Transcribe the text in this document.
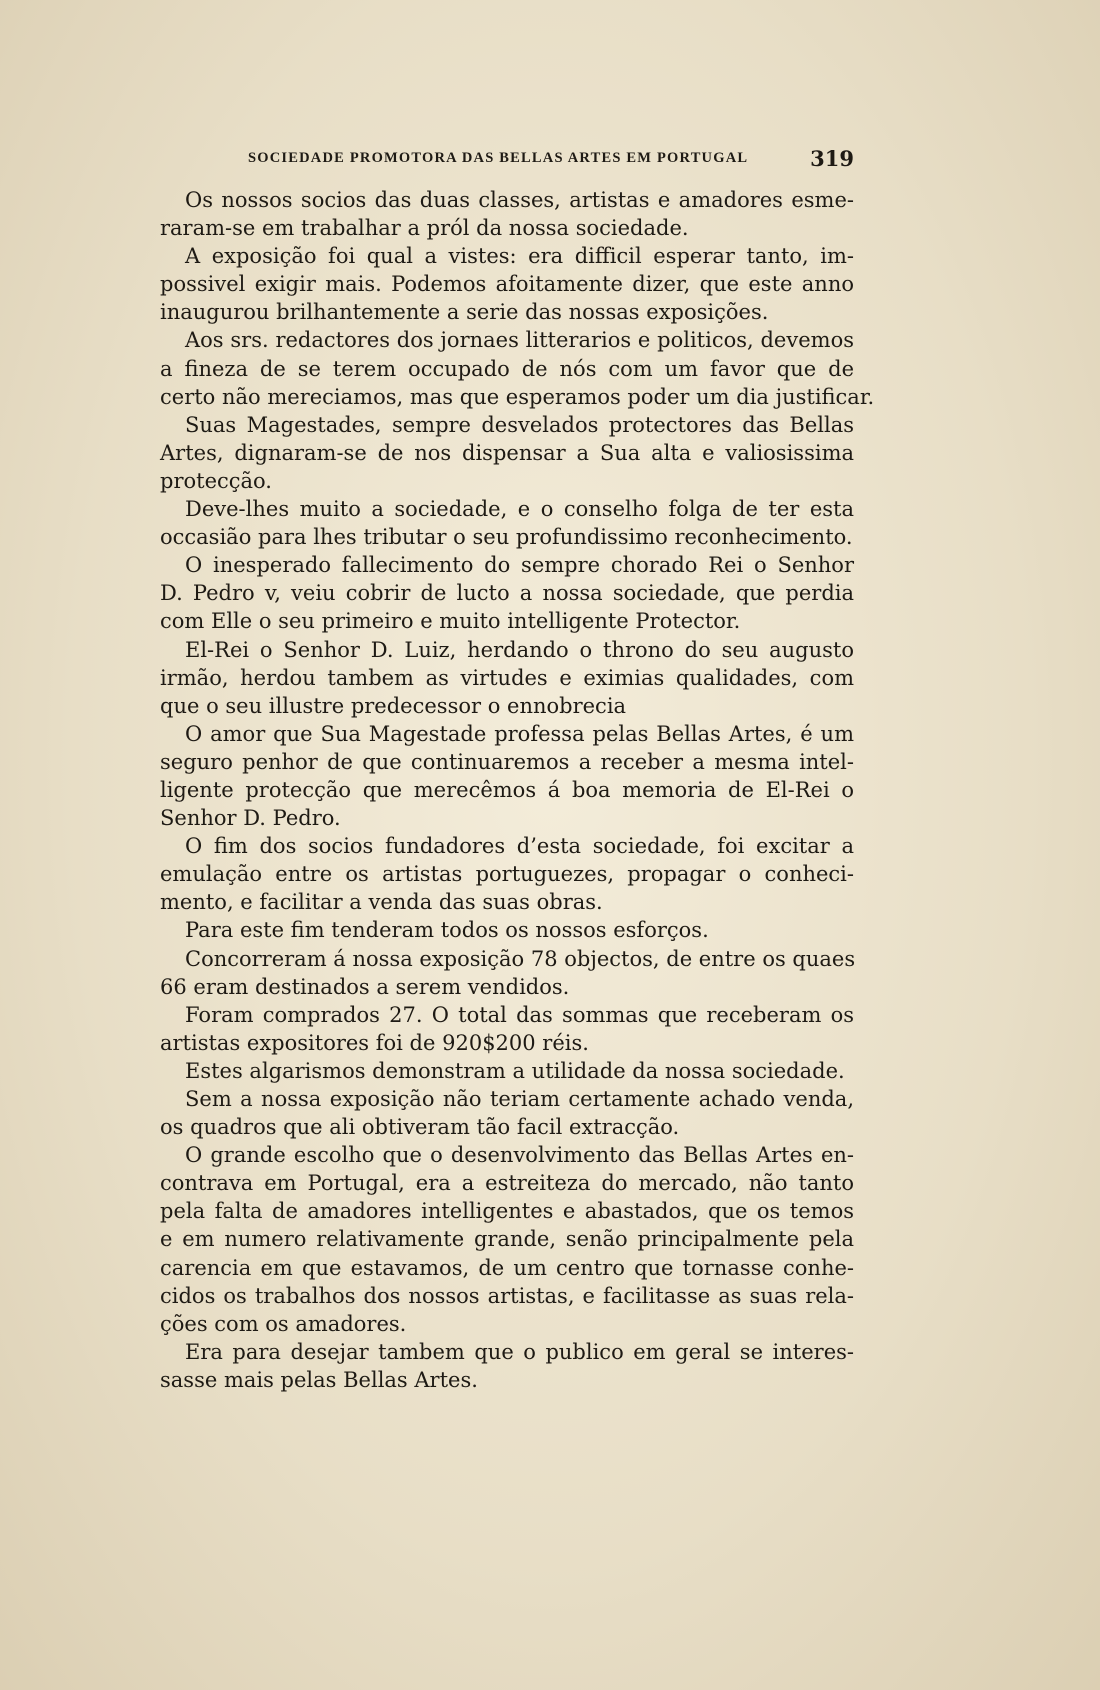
SOCIEDADE PROMOTORA DAS BELLAS ARTES EM PORTUGAL	319
Os nossos socios das duas classes, artistas e amadores esme-
raram-se em trabalhar a pról da nossa sociedade.
A exposição foi qual a vistes: era difficil esperar tanto, im-
possivel exigir mais. Podemos afoitamente dizer, que este anno
inaugurou brilhantemente a serie das nossas exposições.
Aos srs. redactores dos jornaes litterarios e politicos, devemos
a fineza de se terem occupado de nós com um favor que de
certo não mereciamos, mas que esperamos poder um dia justificar.
Suas Magestades, sempre desvelados protectores das Bellas
Artes, dignaram-se de nos dispensar a Sua alta e valiosissima
protecção.
Deve-lhes muito a sociedade, e o conselho folga de ter esta
occasião para lhes tributar o seu profundissimo reconhecimento.
O inesperado fallecimento do sempre chorado Rei o Senhor
D. Pedro v, veiu cobrir de lucto a nossa sociedade, que perdia
com Elle o seu primeiro e muito intelligente Protector.
El-Rei o Senhor D. Luiz, herdando o throno do seu augusto
irmão, herdou tambem as virtudes e eximias qualidades, com
que o seu illustre predecessor o ennobrecia
O amor que Sua Magestade professa pelas Bellas Artes, é um
seguro penhor de que continuaremos a receber a mesma intel-
ligente protecção que merecêmos á boa memoria de El-Rei o
Senhor D. Pedro.
O fim dos socios fundadores d’esta sociedade, foi excitar a
emulação entre os artistas portuguezes, propagar o conheci-
mento, e facilitar a venda das suas obras.
Para este fim tenderam todos os nossos esforços.
Concorreram á nossa exposição 78 objectos, de entre os quaes
66 eram destinados a serem vendidos.
Foram comprados 27. O total das sommas que receberam os
artistas expositores foi de 920$200 réis.
Estes algarismos demonstram a utilidade da nossa sociedade.
Sem a nossa exposição não teriam certamente achado venda,
os quadros que ali obtiveram tão facil extracção.
O grande escolho que o desenvolvimento das Bellas Artes en-
contrava em Portugal, era a estreiteza do mercado, não tanto
pela falta de amadores intelligentes e abastados, que os temos
e em numero relativamente grande, senão principalmente pela
carencia em que estavamos, de um centro que tornasse conhe-
cidos os trabalhos dos nossos artistas, e facilitasse as suas rela-
ções com os amadores.
Era para desejar tambem que o publico em geral se interes-
sasse mais pelas Bellas Artes.
